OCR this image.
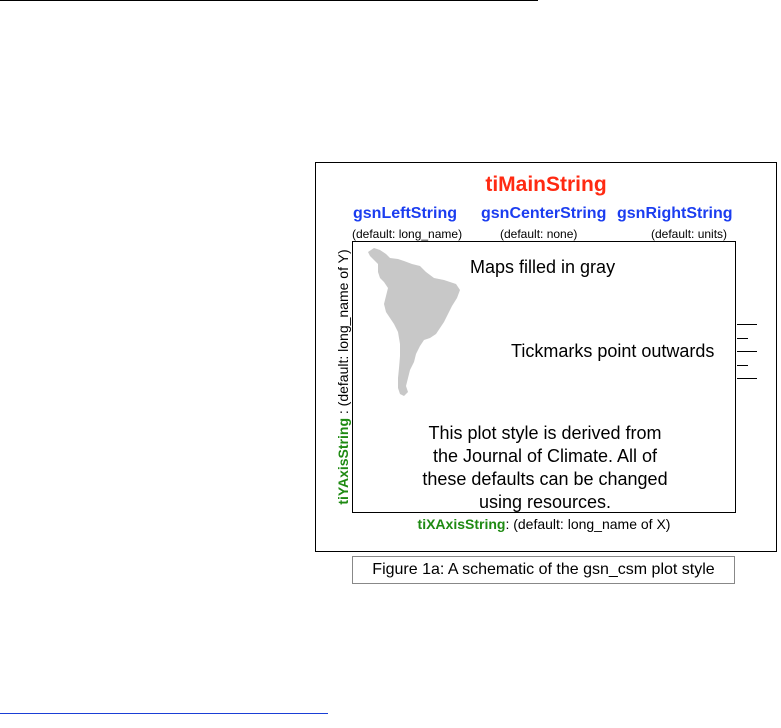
tiMainString
gsnLeftString gsnCenterString gsnRightString
(default: long_name)	(default: none)	(default: units)
Maps filled in gray
Tickmarks point outwards
This plot style is derived from
the Journal of Climate. All of
these defaults can be changed
using resources.
tiXAxisString: (default: long_name of X)
tiYAxisString : (default: long_name of Y)
Figure 1a: A schematic of the gsn_csm plot style
